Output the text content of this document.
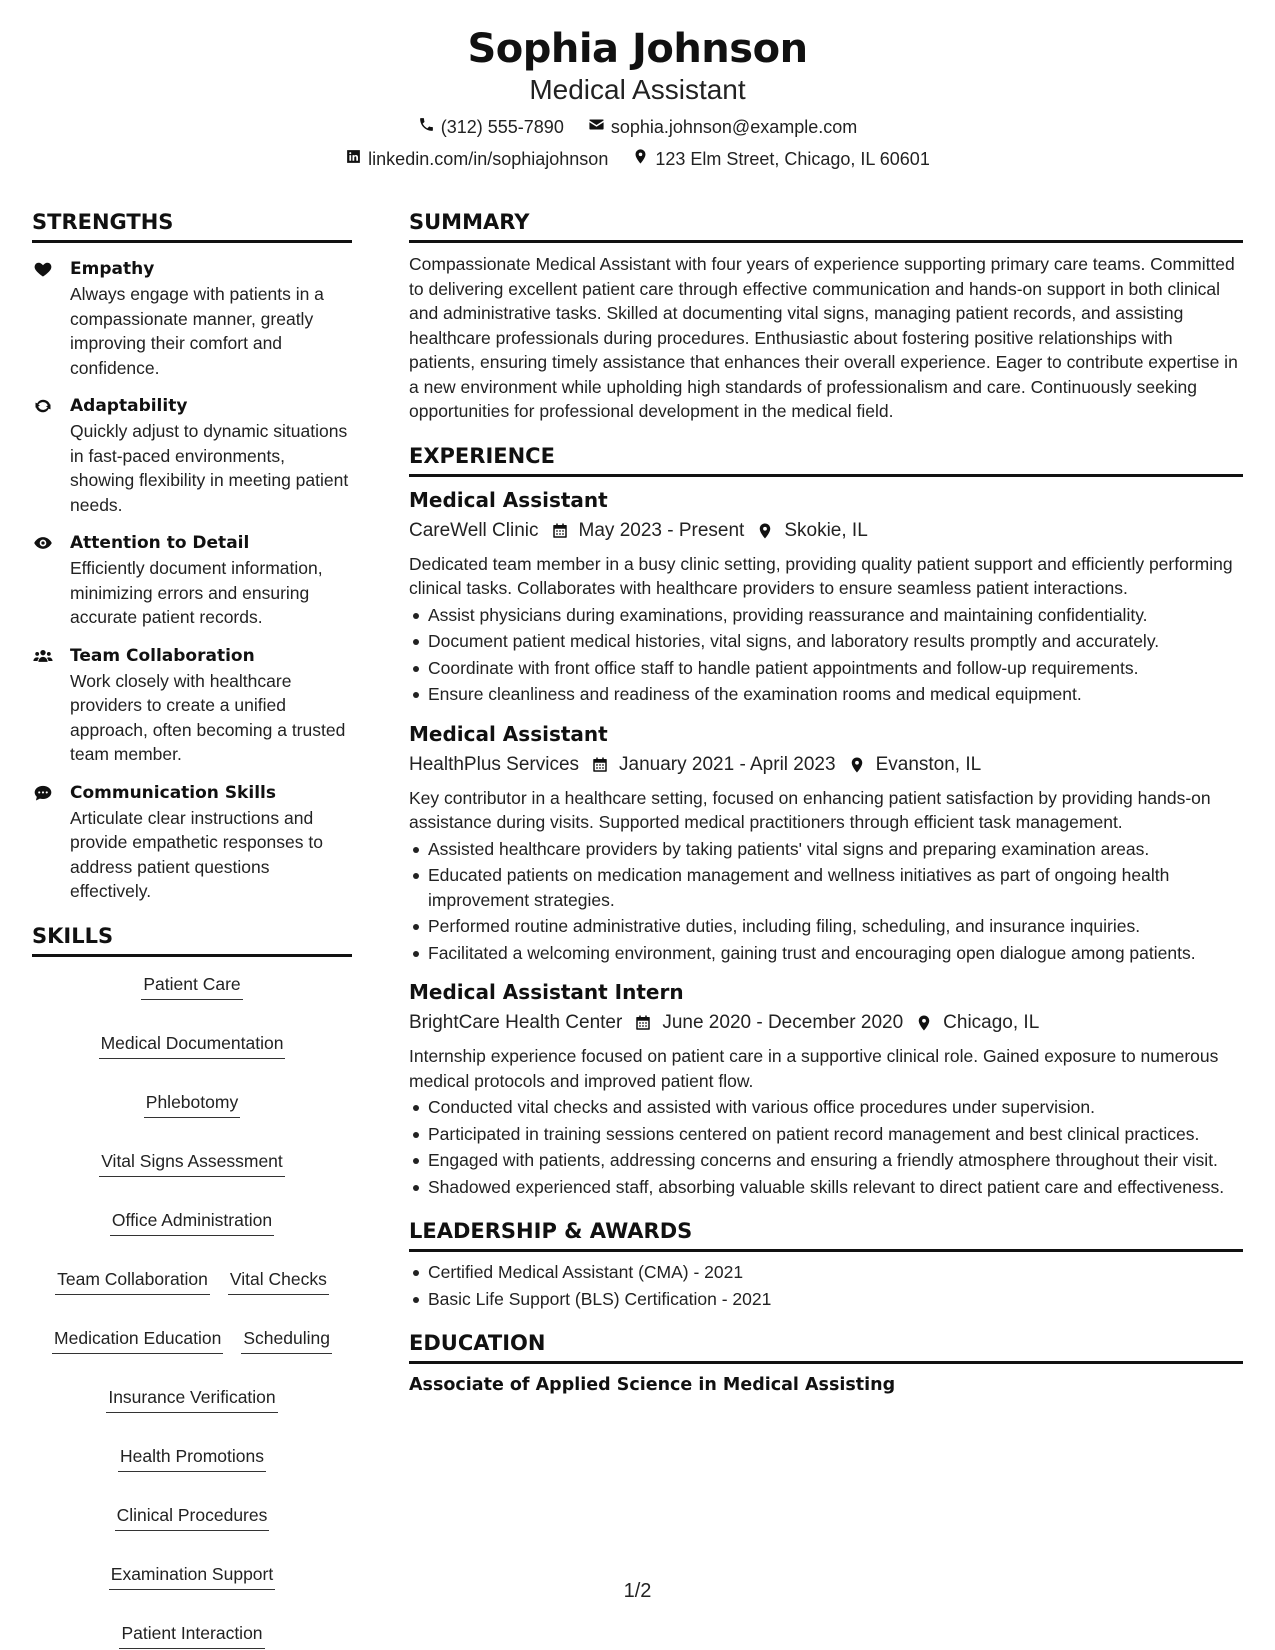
Sophia Johnson
Medical Assistant
(312) 555-7890	sophia.johnson@example.com
linkedin.com/in/sophiajohnson	123 Elm Street, Chicago, IL 60601
STRENGTHS
Empathy
Always engage with patients in a compassionate manner, greatly improving their comfort and confidence.
Adaptability
Quickly adjust to dynamic situations in fast-paced environments, showing flexibility in meeting patient needs.
Attention to Detail
Efficiently document information, minimizing errors and ensuring accurate patient records.
Team Collaboration
Work closely with healthcare providers to create a unified approach, often becoming a trusted team member.
Communication Skills
Articulate clear instructions and provide empathetic responses to address patient questions effectively.
SKILLS
Patient Care
Medical Documentation
Phlebotomy
Vital Signs Assessment
Office Administration
Team Collaboration Vital Checks
Medication Education Scheduling
Insurance Verification
Health Promotions
Clinical Procedures
Examination Support
Patient Interaction
SUMMARY
Compassionate Medical Assistant with four years of experience supporting primary care teams. Committed to delivering excellent patient care through effective communication and hands-on support in both clinical and administrative tasks. Skilled at documenting vital signs, managing patient records, and assisting healthcare professionals during procedures. Enthusiastic about fostering positive relationships with patients, ensuring timely assistance that enhances their overall experience. Eager to contribute expertise in a new environment while upholding high standards of professionalism and care. Continuously seeking opportunities for professional development in the medical field.
EXPERIENCE
Medical Assistant
CareWell Clinic May 2023 - Present Skokie, IL
Dedicated team member in a busy clinic setting, providing quality patient support and efficiently performing clinical tasks. Collaborates with healthcare providers to ensure seamless patient interactions.
Assist physicians during examinations, providing reassurance and maintaining confidentiality.
Document patient medical histories, vital signs, and laboratory results promptly and accurately.
Coordinate with front office staff to handle patient appointments and follow-up requirements.
Ensure cleanliness and readiness of the examination rooms and medical equipment.
Medical Assistant
HealthPlus Services January 2021 - April 2023 Evanston, IL
Key contributor in a healthcare setting, focused on enhancing patient satisfaction by providing hands-on assistance during visits. Supported medical practitioners through efficient task management.
Assisted healthcare providers by taking patients' vital signs and preparing examination areas.
Educated patients on medication management and wellness initiatives as part of ongoing health improvement strategies.
Performed routine administrative duties, including filing, scheduling, and insurance inquiries.
Facilitated a welcoming environment, gaining trust and encouraging open dialogue among patients.
Medical Assistant Intern
BrightCare Health Center June 2020 - December 2020 Chicago, IL
Internship experience focused on patient care in a supportive clinical role. Gained exposure to numerous medical protocols and improved patient flow.
Conducted vital checks and assisted with various office procedures under supervision.
Participated in training sessions centered on patient record management and best clinical practices.
Engaged with patients, addressing concerns and ensuring a friendly atmosphere throughout their visit.
Shadowed experienced staff, absorbing valuable skills relevant to direct patient care and effectiveness.
LEADERSHIP & AWARDS
Certified Medical Assistant (CMA) - 2021
Basic Life Support (BLS) Certification - 2021
EDUCATION
Associate of Applied Science in Medical Assisting
1/2
